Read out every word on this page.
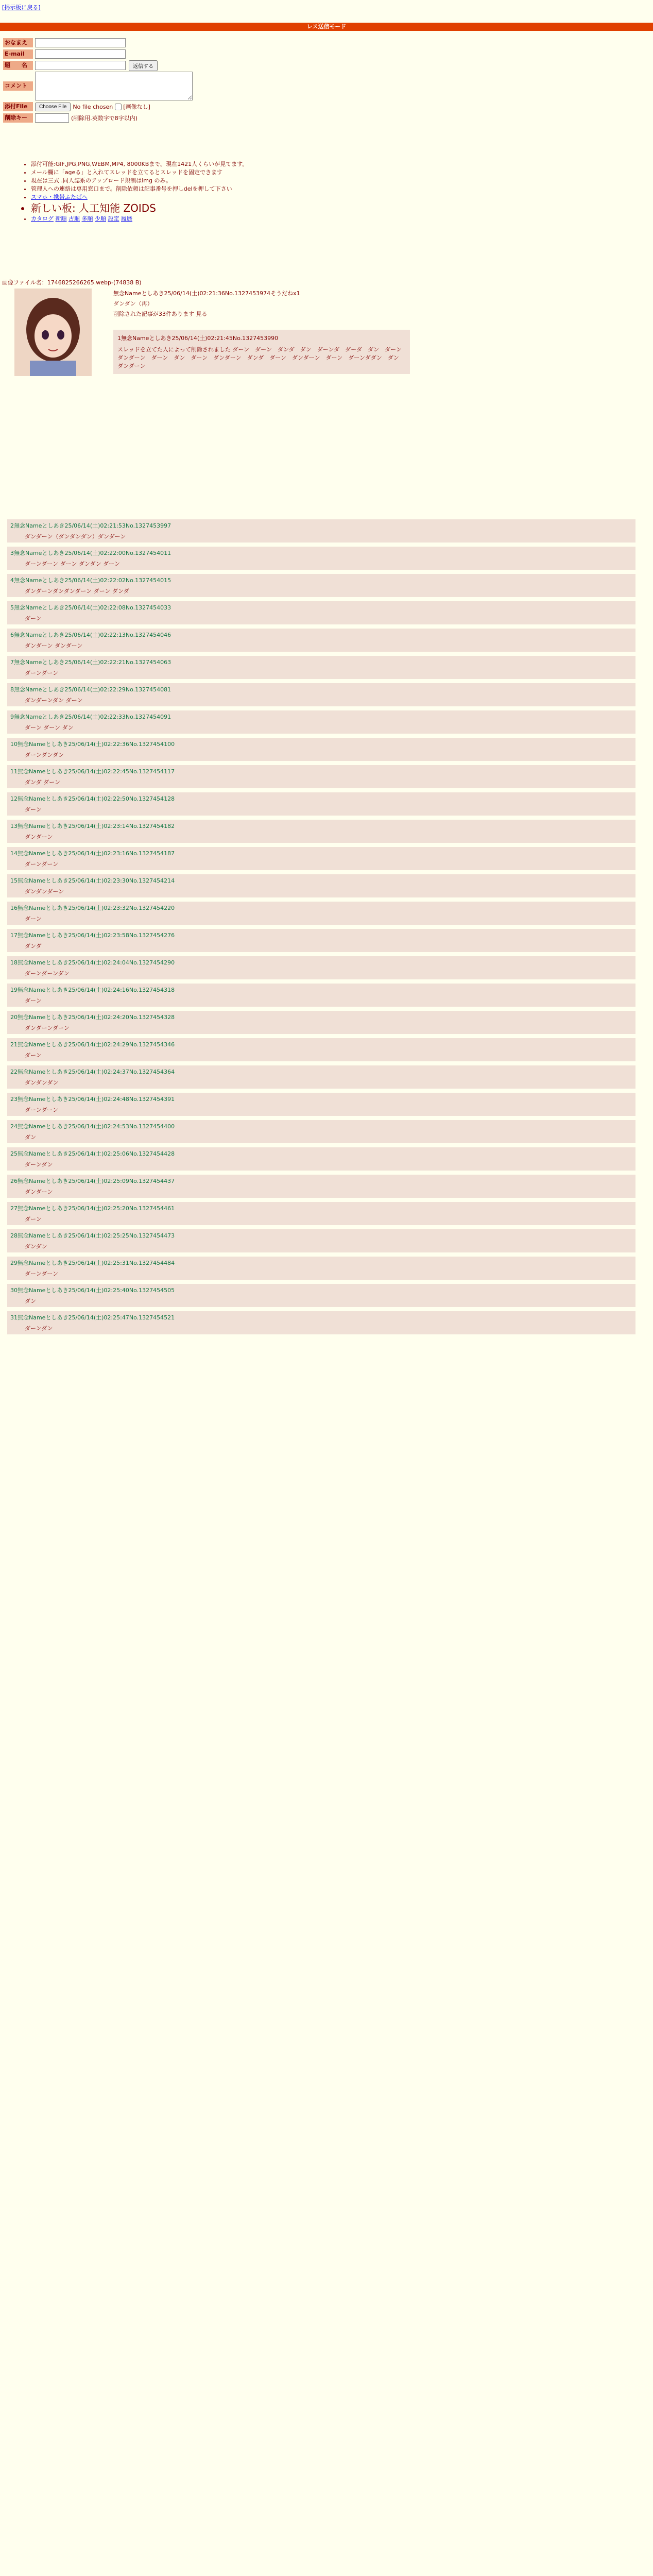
[掲示板に戻る]
レス送信モード
おなまえ
E-mail
題　　名	返信する
コメント
添付File	Choose File	No file chosen [画像なし]
削除キー	(削除用.英数字で8字以内)
• 添付可能:GIF,JPG,PNG,WEBM,MP4, 8000KBまで。現在1421人くらいが見てます。
• メール欄に「ageる」と入れてスレッドを立てるとスレッドを固定できます
• 現在は三式 .同人誌系のアップロード規制はimg のみ。
• 管理人への連絡は専用窓口まで。削除依頼は記事番号を押しdelを押して下さい
• スマホ・携帯ふたばへ
• 新しい板: 人工知能 ZOIDS
• カタログ 新順 古順 多順 少順 設定 履歴
画像ファイル名：1746825266265.webp-(74838 B)
無念Nameとしあき25/06/14(土)02:21:36No.1327453974そうだねx1
ダンダン（再）
削除された記事が33件あります 見る
1無念Nameとしあき25/06/14(土)02:21:45No.1327453990
スレッドを立てた人によって削除されました ダーン　ダーン　ダンダ　ダン　ダーンダ　ダーダ　ダン　ダーン　ダンダーン　ダーン　ダン　ダーン　ダンダーン　ダンダ　ダーン　ダンダーン　ダーン　ダーンダダン　ダン　ダンダーン
2無念Nameとしあき25/06/14(土)02:21:53No.1327453997
ダンダーン（ダンダンダン）ダンダーン
3無念Nameとしあき25/06/14(土)02:22:00No.1327454011
ダーンダーン ダーン ダンダン ダーン
4無念Nameとしあき25/06/14(土)02:22:02No.1327454015
ダンダーンダンダンダーン ダーン ダンダ
5無念Nameとしあき25/06/14(土)02:22:08No.1327454033
ダーン
6無念Nameとしあき25/06/14(土)02:22:13No.1327454046
ダンダーン ダンダーン
7無念Nameとしあき25/06/14(土)02:22:21No.1327454063
ダーンダーン
8無念Nameとしあき25/06/14(土)02:22:29No.1327454081
ダンダーンダン ダーン
9無念Nameとしあき25/06/14(土)02:22:33No.1327454091
ダーン ダーン ダン
10無念Nameとしあき25/06/14(土)02:22:36No.1327454100
ダーンダンダン
11無念Nameとしあき25/06/14(土)02:22:45No.1327454117
ダンダ ダーン
12無念Nameとしあき25/06/14(土)02:22:50No.1327454128
ダーン
13無念Nameとしあき25/06/14(土)02:23:14No.1327454182
ダンダーン
14無念Nameとしあき25/06/14(土)02:23:16No.1327454187
ダーンダーン
15無念Nameとしあき25/06/14(土)02:23:30No.1327454214
ダンダンダーン
16無念Nameとしあき25/06/14(土)02:23:32No.1327454220
ダーン
17無念Nameとしあき25/06/14(土)02:23:58No.1327454276
ダンダ
18無念Nameとしあき25/06/14(土)02:24:04No.1327454290
ダーンダーンダン
19無念Nameとしあき25/06/14(土)02:24:16No.1327454318
ダーン
20無念Nameとしあき25/06/14(土)02:24:20No.1327454328
ダンダーンダーン
21無念Nameとしあき25/06/14(土)02:24:29No.1327454346
ダーン
22無念Nameとしあき25/06/14(土)02:24:37No.1327454364
ダンダンダン
23無念Nameとしあき25/06/14(土)02:24:48No.1327454391
ダーンダーン
24無念Nameとしあき25/06/14(土)02:24:53No.1327454400
ダン
25無念Nameとしあき25/06/14(土)02:25:06No.1327454428
ダーンダン
26無念Nameとしあき25/06/14(土)02:25:09No.1327454437
ダンダーン
27無念Nameとしあき25/06/14(土)02:25:20No.1327454461
ダーン
28無念Nameとしあき25/06/14(土)02:25:25No.1327454473
ダンダン
29無念Nameとしあき25/06/14(土)02:25:31No.1327454484
ダーンダーン
30無念Nameとしあき25/06/14(土)02:25:40No.1327454505
ダン
31無念Nameとしあき25/06/14(土)02:25:47No.1327454521
ダーンダン
